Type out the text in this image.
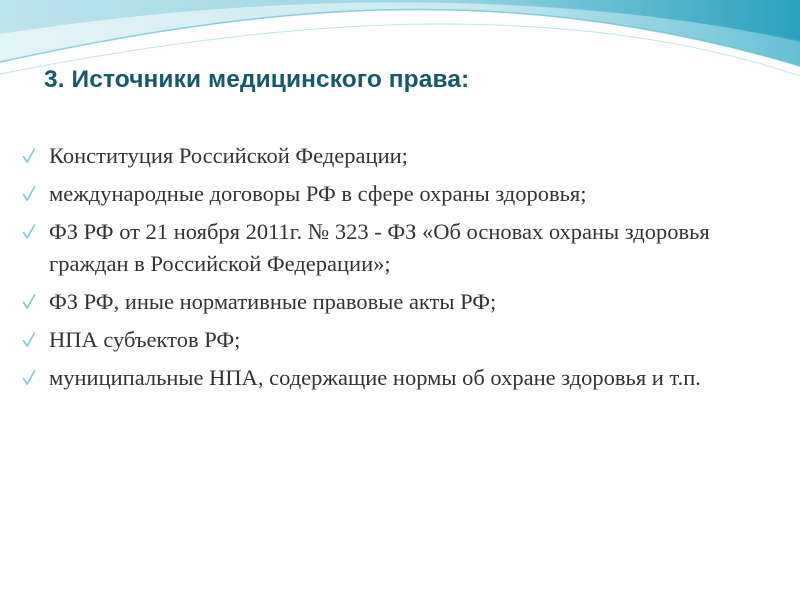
3. Источники медицинского права:
Конституция Российской Федерации;
международные договоры РФ в сфере охраны здоровья;
ФЗ РФ от 21 ноября 2011г. № 323 - ФЗ «Об основах охраны здоровья граждан в Российской Федерации»;
ФЗ РФ, иные нормативные правовые акты РФ;
НПА субъектов РФ;
муниципальные НПА, содержащие нормы об охране здоровья и т.п.
